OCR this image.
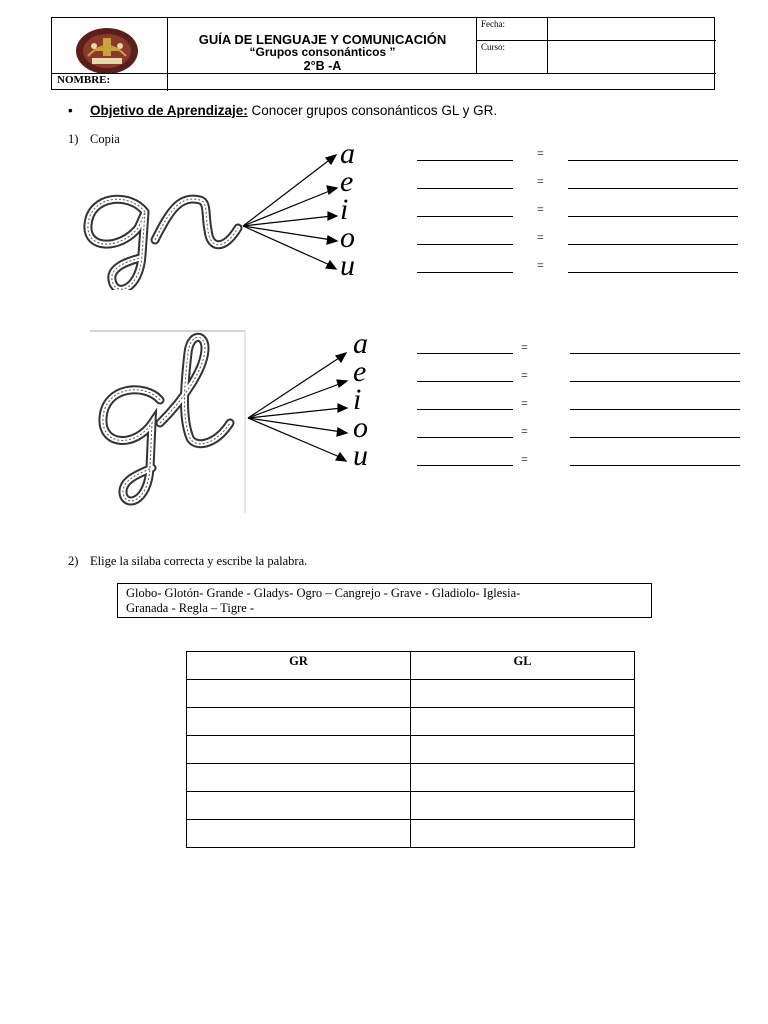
GUÍA DE LENGUAJE Y COMUNICACIÓN
“Grupos consonánticos ”
2°B -A
Fecha:
Curso:
NOMBRE:
• Objetivo de Aprendizaje: Conocer grupos consonánticos GL y GR.
1) Copia	a
e
i
o
u
=
=
=
=
=
a
e
i
o
u
=
=
=
=
=
2) Elige la silaba correcta y escribe la palabra.
Globo- Glotón- Grande - Gladys- Ogro – Cangrejo - Grave - Gladiolo- Iglesia-
Granada - Regla – Tigre -
GR	GL
